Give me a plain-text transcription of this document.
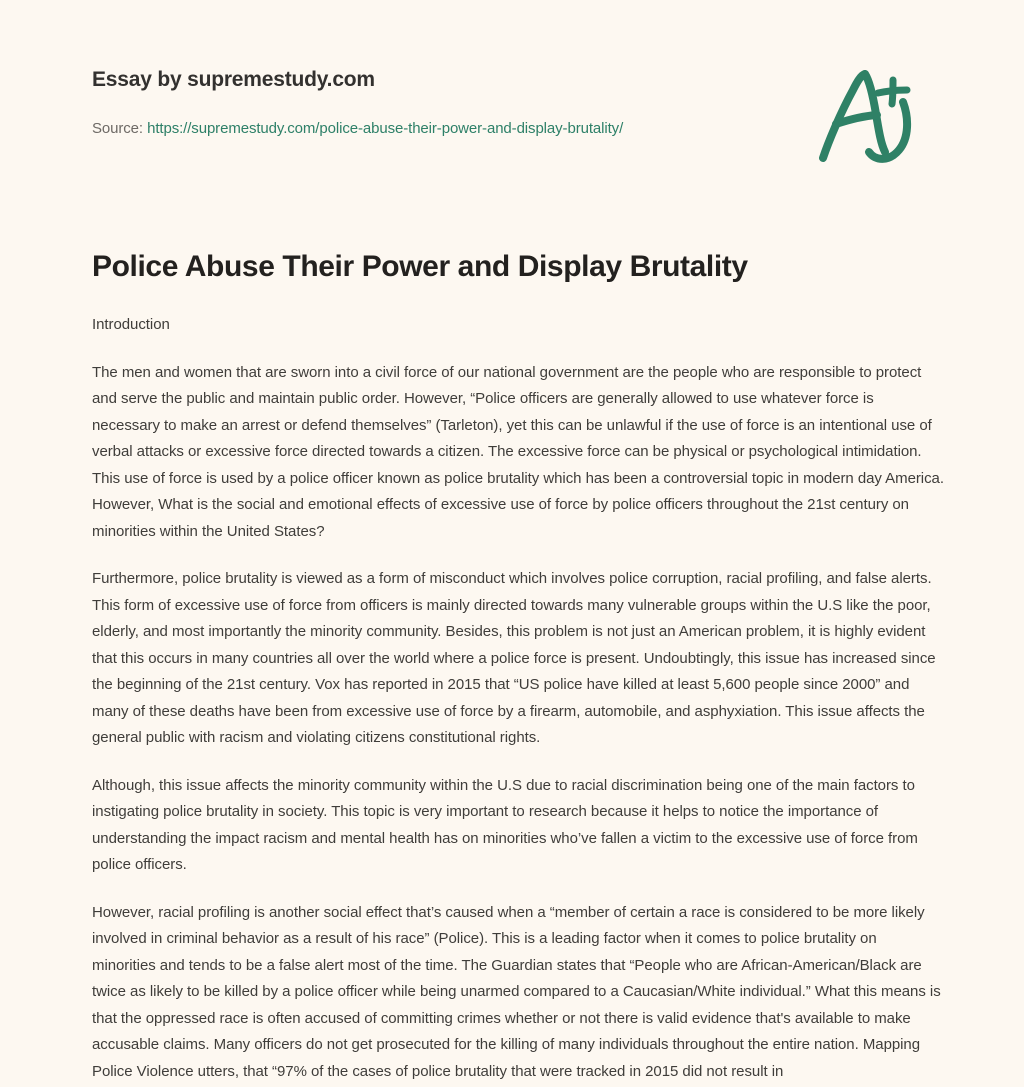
Essay by supremestudy.com
Source: https://supremestudy.com/police-abuse-their-power-and-display-brutality/
Police Abuse Their Power and Display Brutality

Introduction

The men and women that are sworn into a civil force of our national government are the people who are responsible to protect and serve the public and maintain public order. However, “Police officers are generally allowed to use whatever force is necessary to make an arrest or defend themselves” (Tarleton), yet this can be unlawful if the use of force is an intentional use of verbal attacks or excessive force directed towards a citizen. The excessive force can be physical or psychological intimidation. This use of force is used by a police officer known as police brutality which has been a controversial topic in modern day America. However, What is the social and emotional effects of excessive use of force by police officers throughout the 21st century on minorities within the United States?

Furthermore, police brutality is viewed as a form of misconduct which involves police corruption, racial profiling, and false alerts. This form of excessive use of force from officers is mainly directed towards many vulnerable groups within the U.S like the poor, elderly, and most importantly the minority community. Besides, this problem is not just an American problem, it is highly evident that this occurs in many countries all over the world where a police force is present. Undoubtingly, this issue has increased since the beginning of the 21st century. Vox has reported in 2015 that “US police have killed at least 5,600 people since 2000” and many of these deaths have been from excessive use of force by a firearm, automobile, and asphyxiation. This issue affects the general public with racism and violating citizens constitutional rights.

Although, this issue affects the minority community within the U.S due to racial discrimination being one of the main factors to instigating police brutality in society. This topic is very important to research because it helps to notice the importance of understanding the impact racism and mental health has on minorities who’ve fallen a victim to the excessive use of force from police officers.

However, racial profiling is another social effect that’s caused when a “member of certain a race is considered to be more likely involved in criminal behavior as a result of his race” (Police). This is a leading factor when it comes to police brutality on minorities and tends to be a false alert most of the time. The Guardian states that “People who are African-American/Black are twice as likely to be killed by a police officer while being unarmed compared to a Caucasian/White individual.” What this means is that the oppressed race is often accused of committing crimes whether or not there is valid evidence that's available to make accusable claims. Many officers do not get prosecuted for the killing of many individuals throughout the entire nation. Mapping Police Violence utters, that “97% of the cases of police brutality that were tracked in 2015 did not result in
